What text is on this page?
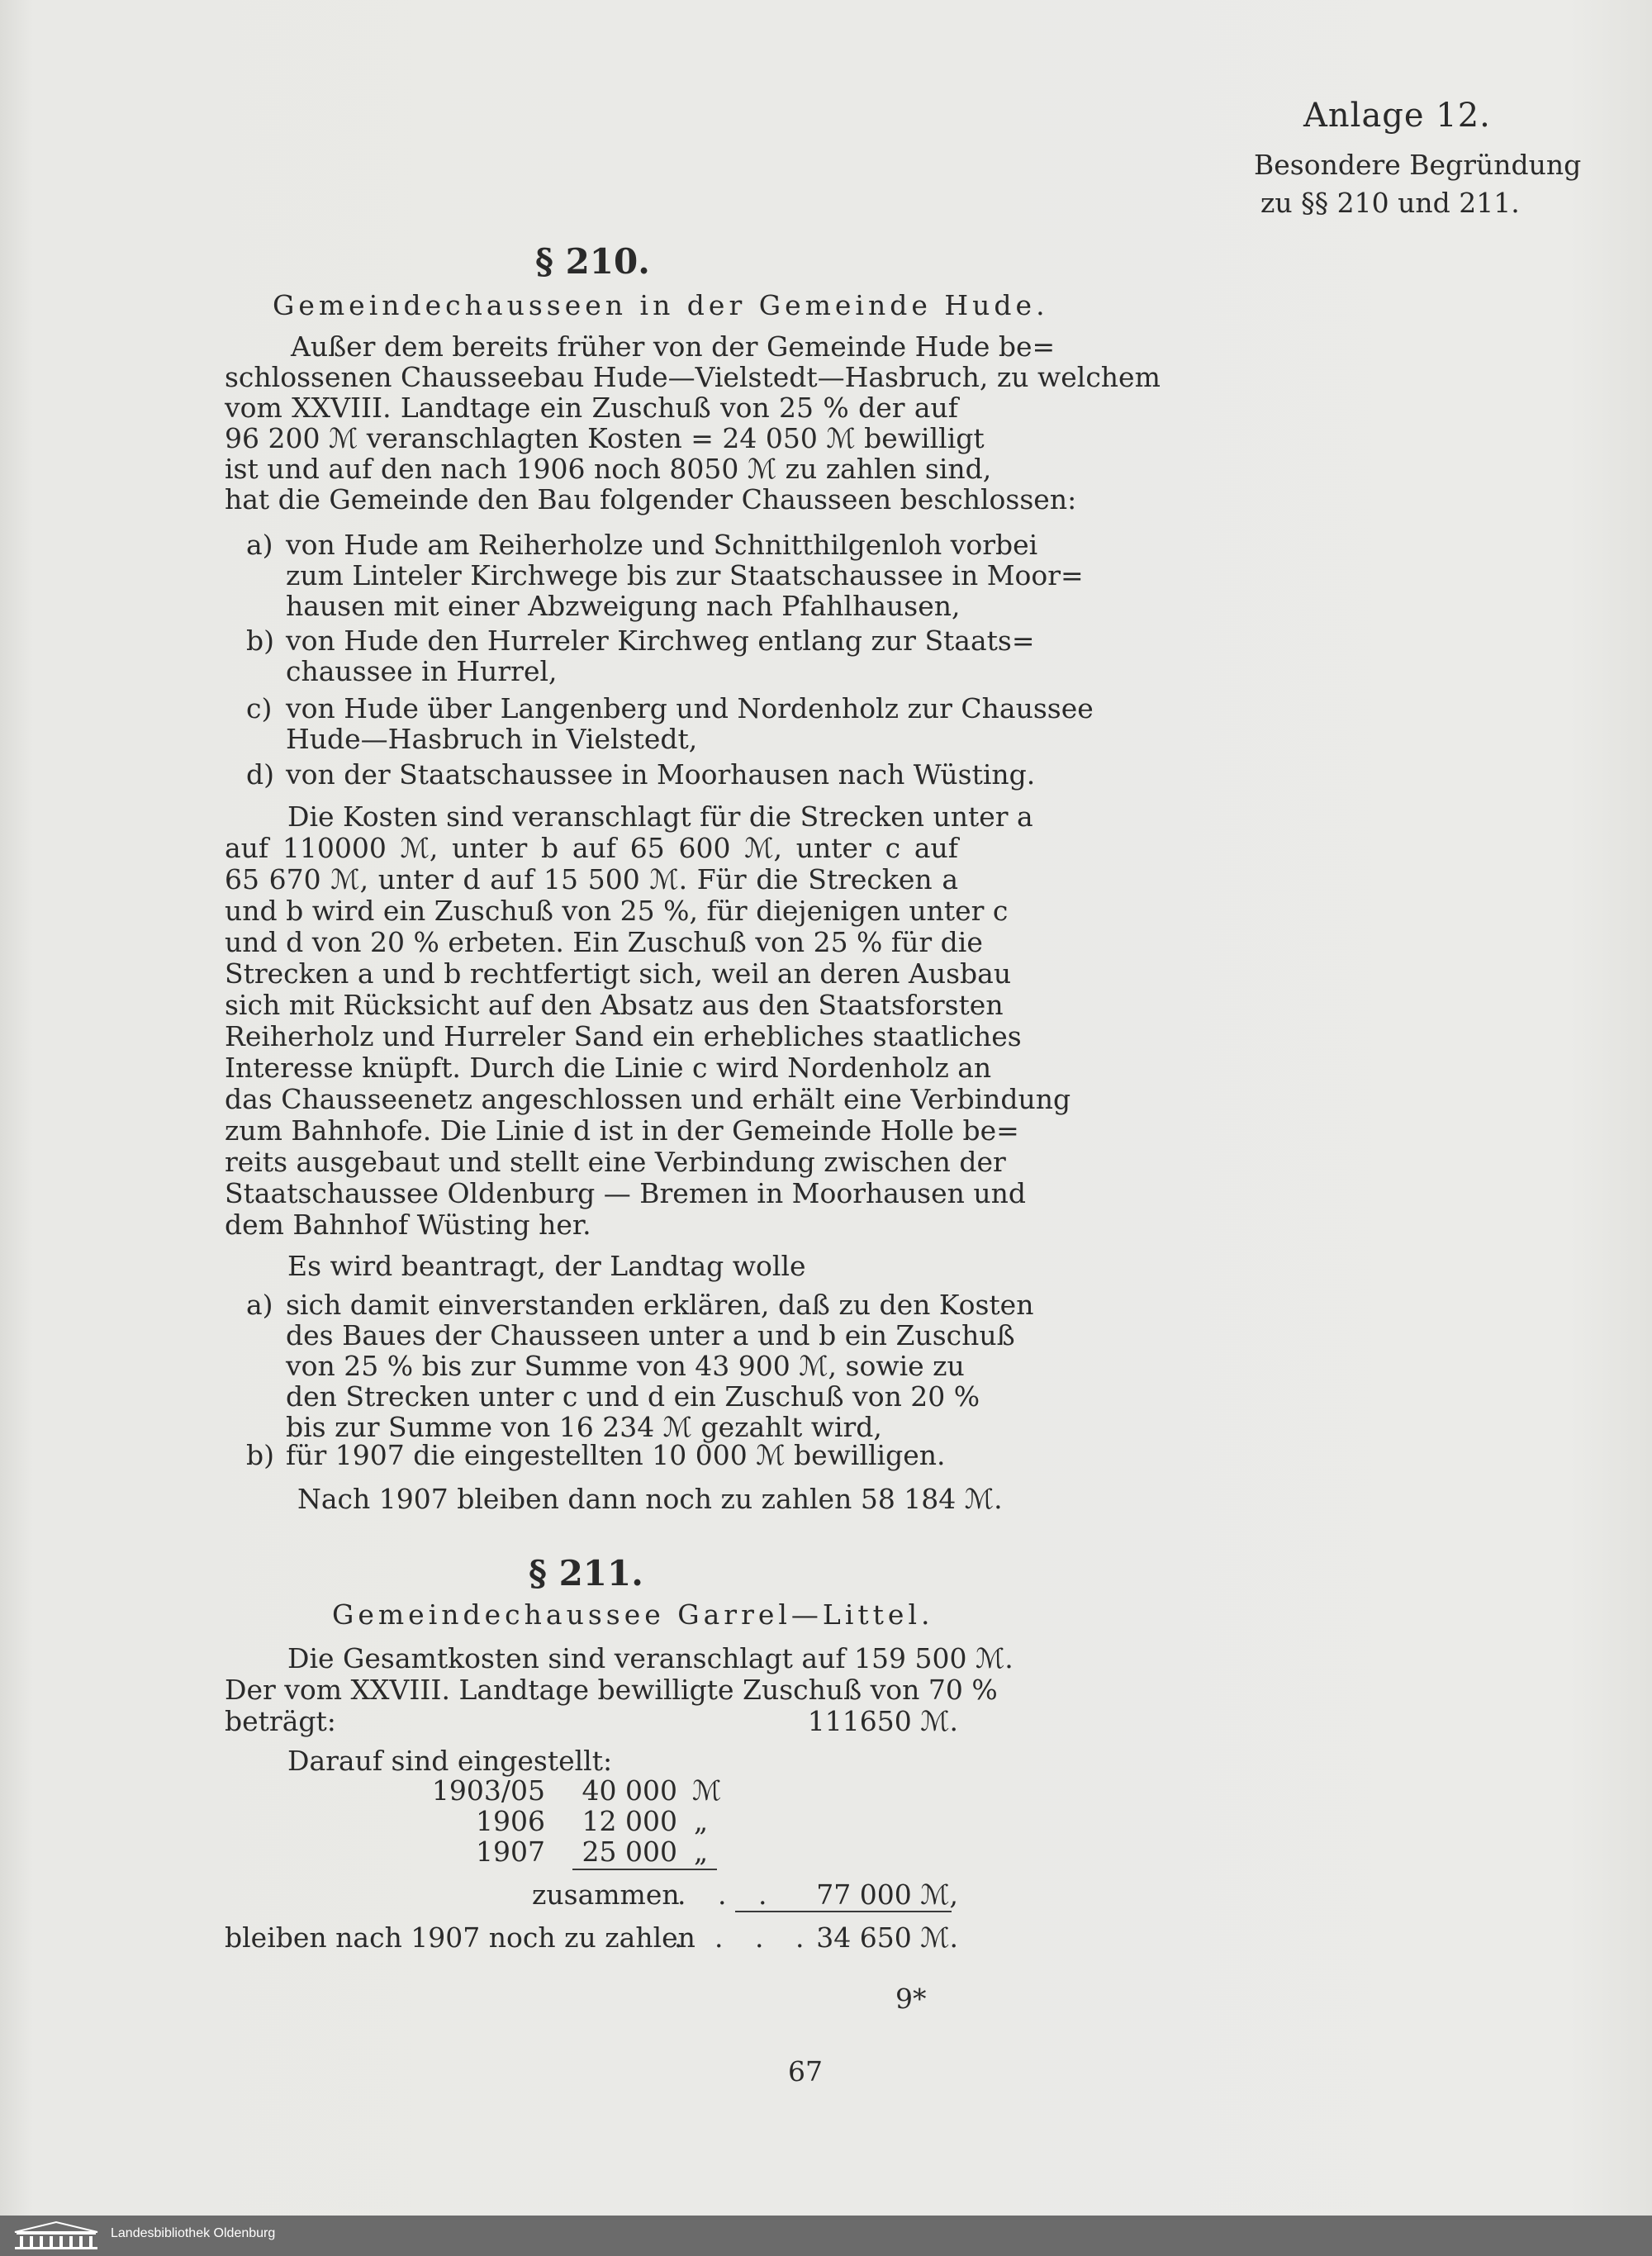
Anlage 12.
Besondere Begründung
zu §§ 210 und 211.
§ 210.
Gemeindechausseen in der Gemeinde Hude.
Außer dem bereits früher von der Gemeinde Hude be=
schlossenen Chausseebau Hude—Vielstedt—Hasbruch, zu welchem
vom XXVIII. Landtage ein Zuschuß von 25 % der auf
96 200 ℳ veranschlagten Kosten = 24 050 ℳ bewilligt
ist und auf den nach 1906 noch 8050 ℳ zu zahlen sind,
hat die Gemeinde den Bau folgender Chausseen beschlossen:
a) von Hude am Reiherholze und Schnitthilgenloh vorbei
zum Linteler Kirchwege bis zur Staatschaussee in Moor=
hausen mit einer Abzweigung nach Pfahlhausen,
b) von Hude den Hurreler Kirchweg entlang zur Staats=
chaussee in Hurrel,
c) von Hude über Langenberg und Nordenholz zur Chaussee
Hude—Hasbruch in Vielstedt,
d) von der Staatschaussee in Moorhausen nach Wüsting.
Die Kosten sind veranschlagt für die Strecken unter a
auf 110000 ℳ, unter b auf 65 600 ℳ, unter c auf
65 670 ℳ, unter d auf 15 500 ℳ. Für die Strecken a
und b wird ein Zuschuß von 25 %, für diejenigen unter c
und d von 20 % erbeten. Ein Zuschuß von 25 % für die
Strecken a und b rechtfertigt sich, weil an deren Ausbau
sich mit Rücksicht auf den Absatz aus den Staatsforsten
Reiherholz und Hurreler Sand ein erhebliches staatliches
Interesse knüpft. Durch die Linie c wird Nordenholz an
das Chausseenetz angeschlossen und erhält eine Verbindung
zum Bahnhofe. Die Linie d ist in der Gemeinde Holle be=
reits ausgebaut und stellt eine Verbindung zwischen der
Staatschaussee Oldenburg — Bremen in Moorhausen und
dem Bahnhof Wüsting her.
Es wird beantragt, der Landtag wolle
a) sich damit einverstanden erklären, daß zu den Kosten
des Baues der Chausseen unter a und b ein Zuschuß
von 25 % bis zur Summe von 43 900 ℳ, sowie zu
den Strecken unter c und d ein Zuschuß von 20 %
bis zur Summe von 16 234 ℳ gezahlt wird,
b) für 1907 die eingestellten 10 000 ℳ bewilligen.
Nach 1907 bleiben dann noch zu zahlen 58 184 ℳ.
§ 211.
Gemeindechaussee Garrel—Littel.
Die Gesamtkosten sind veranschlagt auf 159 500 ℳ.
Der vom XXVIII. Landtage bewilligte Zuschuß von 70 %
beträgt:	111650 ℳ.
Darauf sind eingestellt:
1903/05	40 000 ℳ
1906	12 000 „
1907	25 000 „
zusammen
. . .	77 000 ℳ,
bleiben nach 1907 noch zu zahlen
. . . . 34 650 ℳ.
9*
67
Landesbibliothek Oldenburg
